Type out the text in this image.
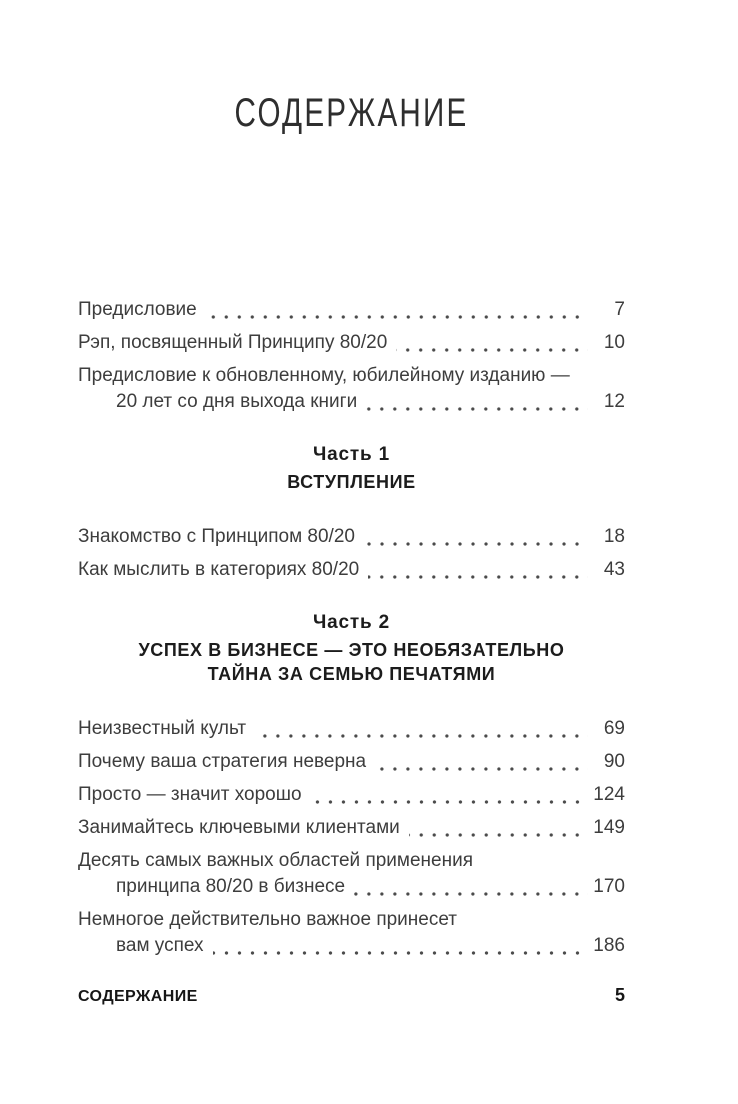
СОДЕРЖАНИЕ
Предисловие	7
Рэп, посвященный Принципу 80/20	10
Предисловие к обновленному, юбилейному изданию —
20 лет со дня выхода книги	12
Часть 1
ВСТУПЛЕНИЕ
Знакомство с Принципом 80/20	18
Как мыслить в категориях 80/20	43
Часть 2
УСПЕХ В БИЗНЕСЕ — ЭТО НЕОБЯЗАТЕЛЬНО
ТАЙНА ЗА СЕМЬЮ ПЕЧАТЯМИ
Неизвестный культ	69
Почему ваша стратегия неверна	90
Просто — значит хорошо	124
Занимайтесь ключевыми клиентами	149
Десять самых важных областей применения
принципа 80/20 в бизнесе	170
Немногое действительно важное принесет
вам успех	186
СОДЕРЖАНИЕ	5
